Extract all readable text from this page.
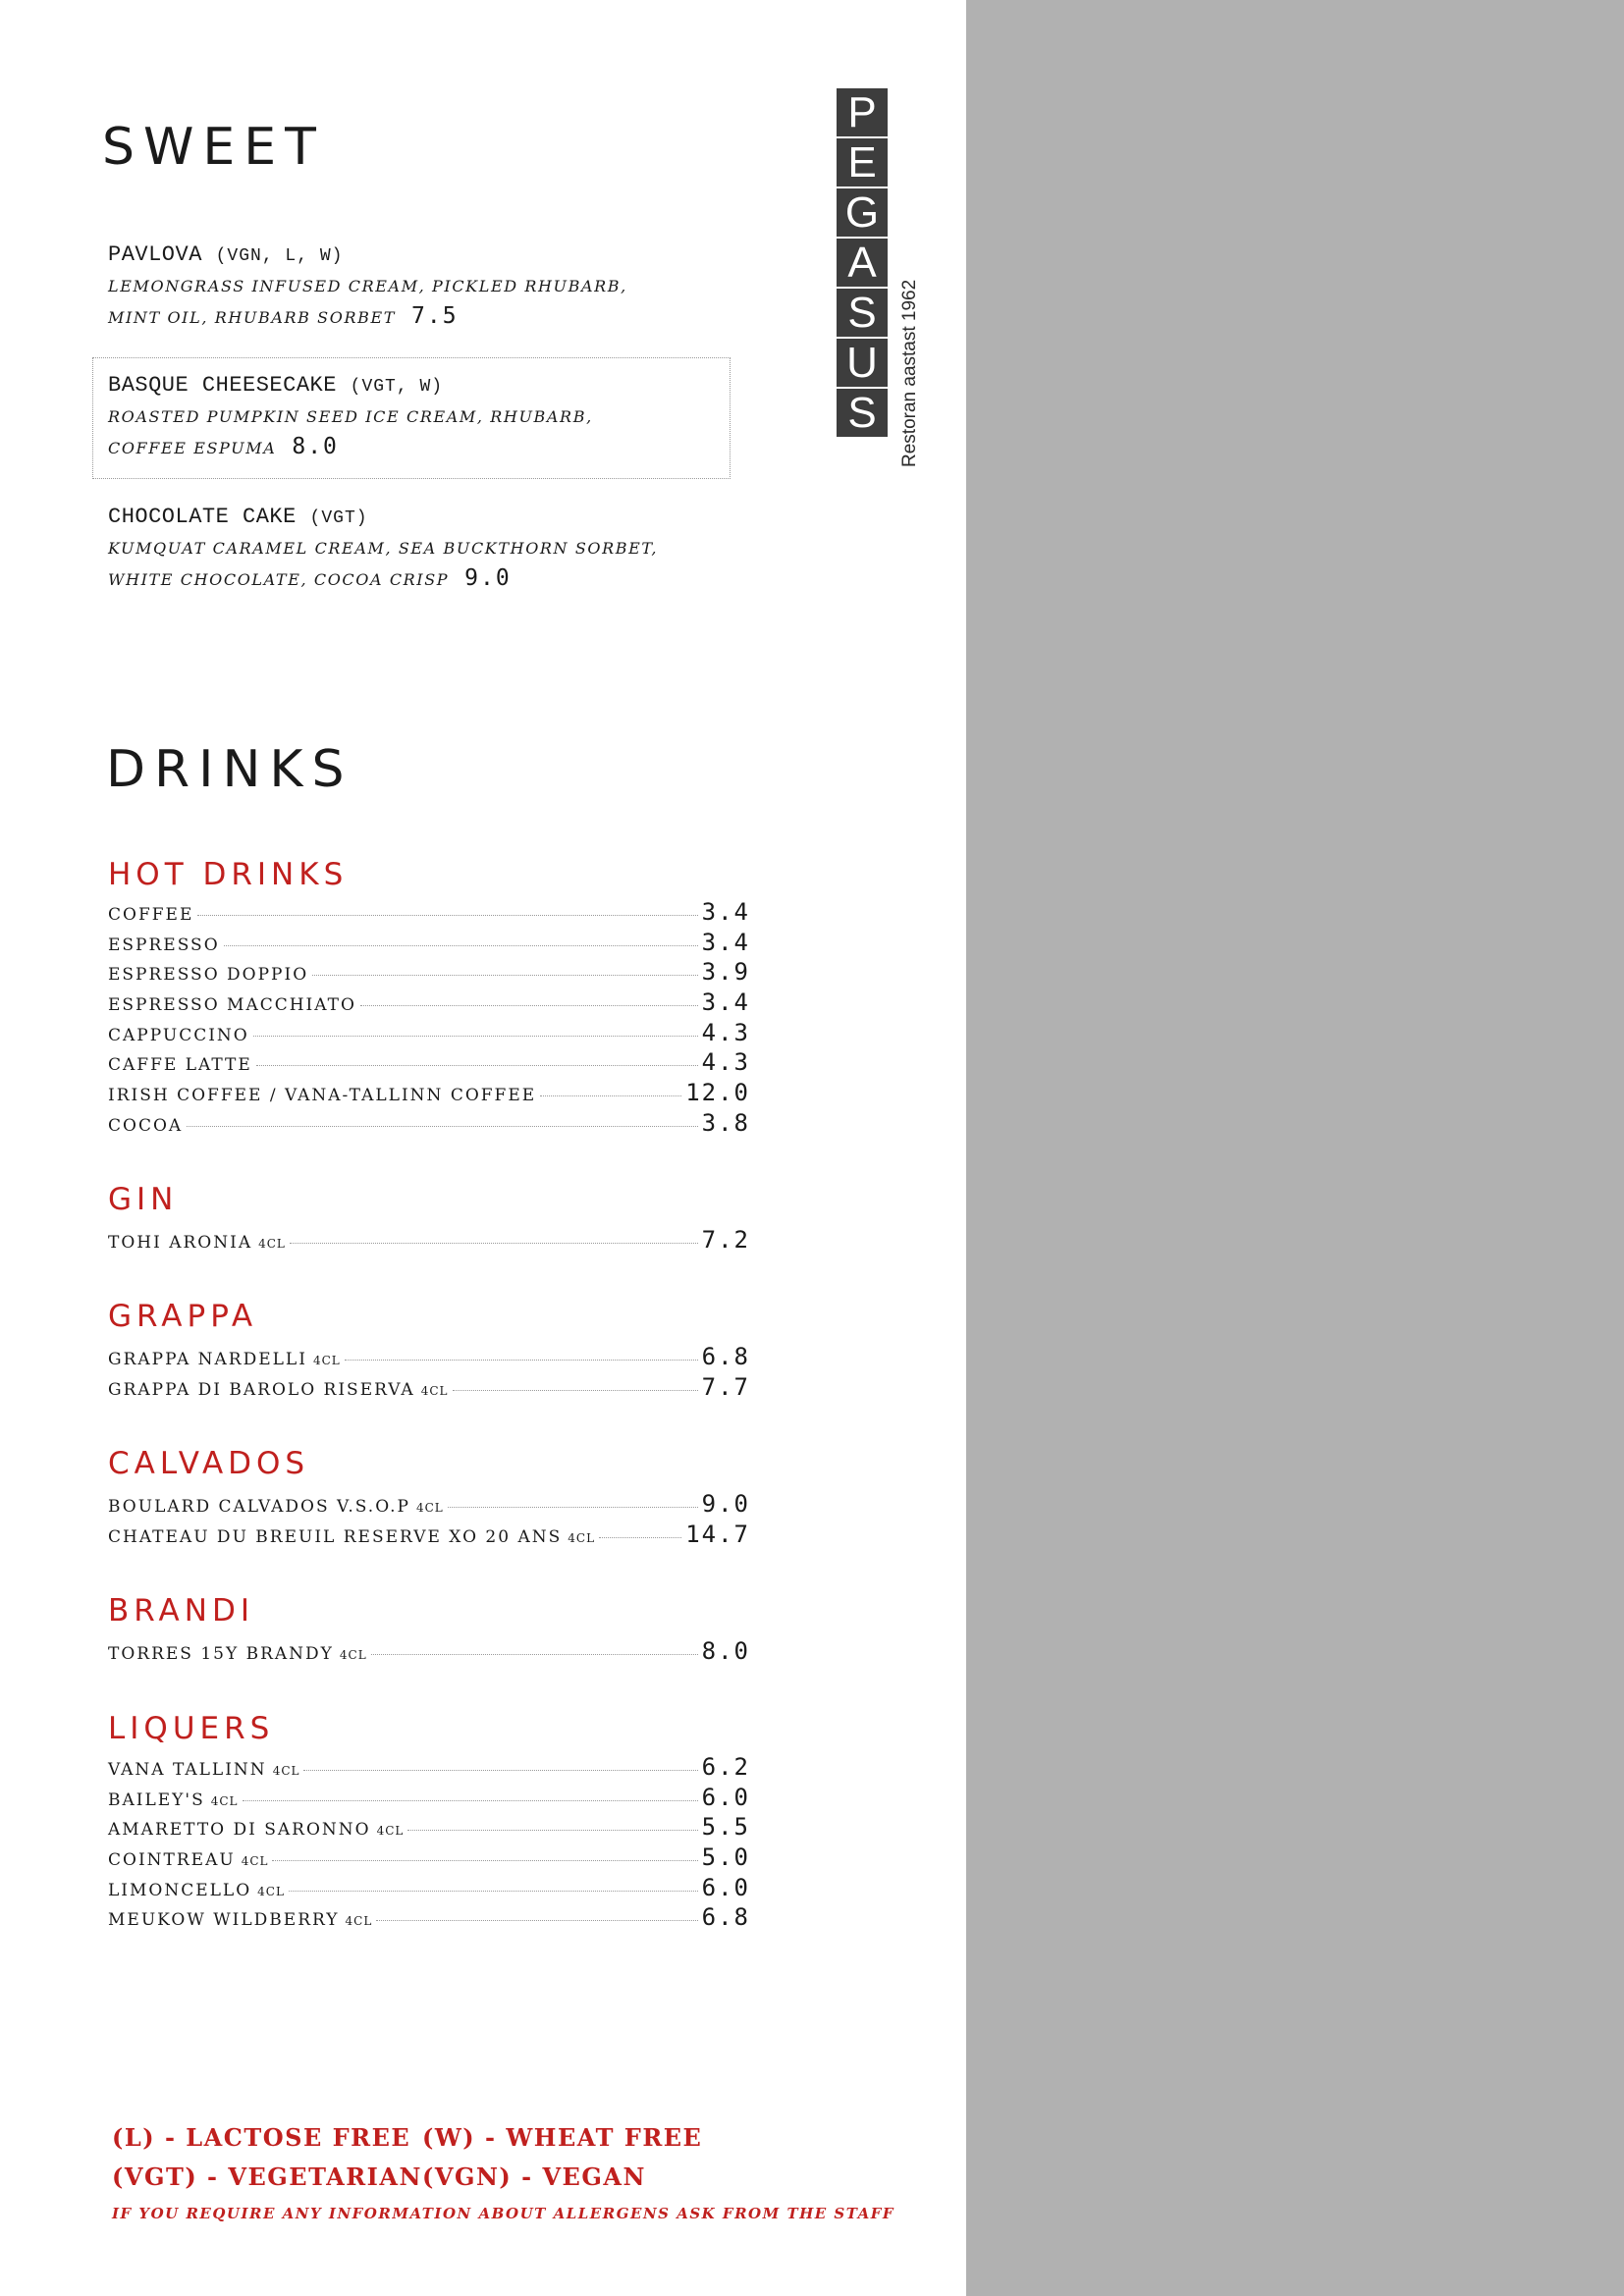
P
E
G
A
S
U
S	Restoran aastast 1962
SWEET
PAVLOVA (VGN, L, W)
LEMONGRASS INFUSED CREAM, PICKLED RHUBARB,
MINT OIL, RHUBARB SORBET 7.5
BASQUE CHEESECAKE (VGT, W)
ROASTED PUMPKIN SEED ICE CREAM, RHUBARB,
COFFEE ESPUMA 8.0
CHOCOLATE CAKE (VGT)
KUMQUAT CARAMEL CREAM, SEA BUCKTHORN SORBET,
WHITE CHOCOLATE, COCOA CRISP 9.0
DRINKS
HOT DRINKS
COFFEE	3.4
ESPRESSO	3.4
ESPRESSO DOPPIO	3.9
ESPRESSO MACCHIATO	3.4
CAPPUCCINO	4.3
CAFFE LATTE	4.3
IRISH COFFEE / VANA-TALLINN COFFEE	12.0
COCOA	3.8
GIN
TOHI ARONIA 4CL	7.2
GRAPPA
GRAPPA NARDELLI 4CL	6.8
GRAPPA DI BAROLO RISERVA 4CL	7.7
CALVADOS
BOULARD CALVADOS V.S.O.P 4CL	9.0
CHATEAU DU BREUIL RESERVE XO 20 ANS 4CL	14.7
BRANDI
TORRES 15Y BRANDY 4CL	8.0
LIQUERS
VANA TALLINN 4CL	6.2
BAILEY'S 4CL	6.0
AMARETTO DI SARONNO 4CL	5.5
COINTREAU 4CL	5.0
LIMONCELLO 4CL	6.0
MEUKOW WILDBERRY 4CL	6.8
(L) - LACTOSE FREE (W) - WHEAT FREE
(VGT) - VEGETARIAN(VGN) - VEGAN
IF YOU REQUIRE ANY INFORMATION ABOUT ALLERGENS ASK FROM THE STAFF
